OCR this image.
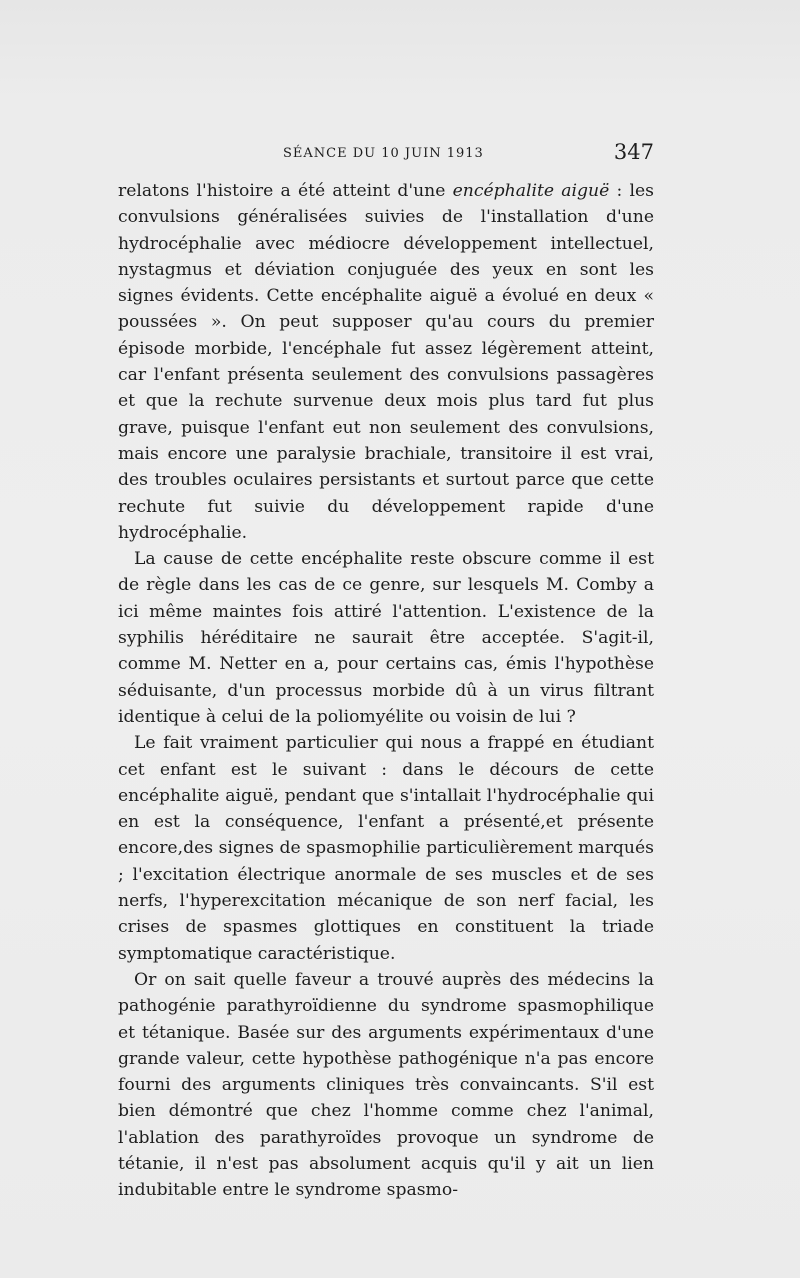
SÉANCE DU 10 JUIN 1913	347

relatons l'histoire a été atteint d'une encéphalite aiguë : les convulsions généralisées suivies de l'installation d'une hydrocéphalie avec médiocre développement intellectuel, nystagmus et déviation conjuguée des yeux en sont les signes évidents. Cette encéphalite aiguë a évolué en deux « poussées ». On peut supposer qu'au cours du premier épisode morbide, l'encéphale fut assez légèrement atteint, car l'enfant présenta seulement des convulsions passagères et que la rechute survenue deux mois plus tard fut plus grave, puisque l'enfant eut non seulement des convulsions, mais encore une paralysie brachiale, transitoire il est vrai, des troubles oculaires persistants et surtout parce que cette rechute fut suivie du développement rapide d'une hydrocéphalie.

La cause de cette encéphalite reste obscure comme il est de règle dans les cas de ce genre, sur lesquels M. Comby a ici même maintes fois attiré l'attention. L'existence de la syphilis héréditaire ne saurait être acceptée. S'agit-il, comme M. Netter en a, pour certains cas, émis l'hypothèse séduisante, d'un processus morbide dû à un virus filtrant identique à celui de la poliomyélite ou voisin de lui ?

Le fait vraiment particulier qui nous a frappé en étudiant cet enfant est le suivant : dans le décours de cette encéphalite aiguë, pendant que s'intallait l'hydrocéphalie qui en est la conséquence, l'enfant a présenté,et présente encore,des signes de spasmophilie particulièrement marqués ; l'excitation électrique anormale de ses muscles et de ses nerfs, l'hyperexcitation mécanique de son nerf facial, les crises de spasmes glottiques en constituent la triade symptomatique caractéristique.

Or on sait quelle faveur a trouvé auprès des médecins la pathogénie parathyroïdienne du syndrome spasmophilique et tétanique. Basée sur des arguments expérimentaux d'une grande valeur, cette hypothèse pathogénique n'a pas encore fourni des arguments cliniques très convaincants. S'il est bien démontré que chez l'homme comme chez l'animal, l'ablation des parathyroïdes provoque un syndrome de tétanie, il n'est pas absolument acquis qu'il y ait un lien indubitable entre le syndrome spasmo-
